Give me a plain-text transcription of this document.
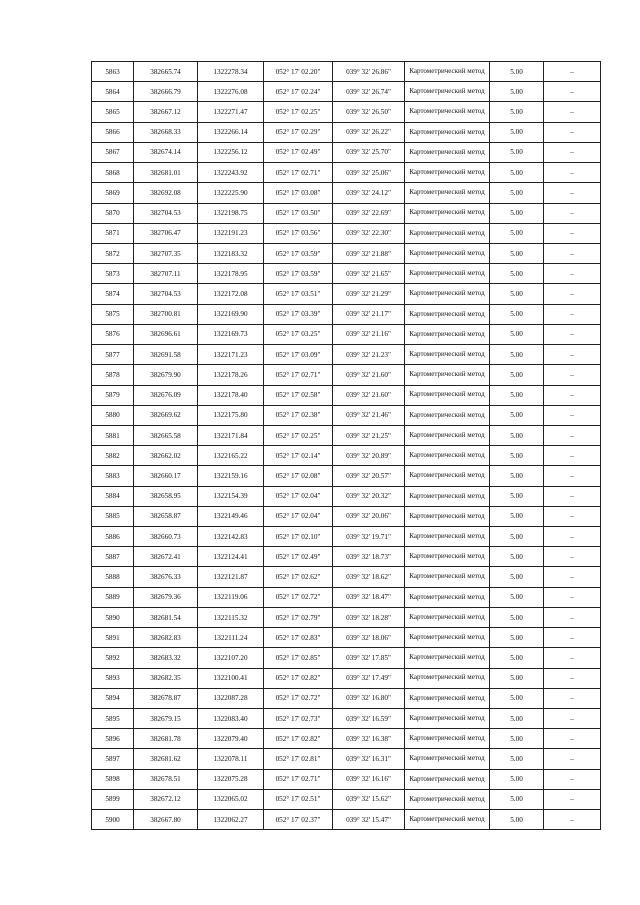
5863	382665.74	1322278.34	052° 17' 02.20"	039° 32' 26.86"	Картометрический метод	5.00	–
5864	382666.79	1322276.08	052° 17' 02.24"	039° 32' 26.74"	Картометрический метод	5.00	–
5865	382667.12	1322271.47	052° 17' 02.25"	039° 32' 26.50"	Картометрический метод	5.00	–
5866	382668.33	1322266.14	052° 17' 02.29"	039° 32' 26.22"	Картометрический метод	5.00	–
5867	382674.14	1322256.12	052° 17' 02.49"	039° 32' 25.70"	Картометрический метод	5.00	–
5868	382681.01	1322243.92	052° 17' 02.71"	039° 32' 25.06"	Картометрический метод	5.00	–
5869	382692.08	1322225.90	052° 17' 03.08"	039° 32' 24.12"	Картометрический метод	5.00	–
5870	382704.53	1322198.75	052° 17' 03.50"	039° 32' 22.69"	Картометрический метод	5.00	–
5871	382706.47	1322191.23	052° 17' 03.56"	039° 32' 22.30"	Картометрический метод	5.00	–
5872	382707.35	1322183.32	052° 17' 03.59"	039° 32' 21.88"	Картометрический метод	5.00	–
5873	382707.11	1322178.95	052° 17' 03.59"	039° 32' 21.65"	Картометрический метод	5.00	–
5874	382704.53	1322172.08	052° 17' 03.51"	039° 32' 21.29"	Картометрический метод	5.00	–
5875	382700.81	1322169.90	052° 17' 03.39"	039° 32' 21.17"	Картометрический метод	5.00	–
5876	382696.61	1322169.73	052° 17' 03.25"	039° 32' 21.16"	Картометрический метод	5.00	–
5877	382691.58	1322171.23	052° 17' 03.09"	039° 32' 21.23"	Картометрический метод	5.00	–
5878	382679.90	1322178.26	052° 17' 02.71"	039° 32' 21.60"	Картометрический метод	5.00	–
5879	382676.09	1322178.40	052° 17' 02.58"	039° 32' 21.60"	Картометрический метод	5.00	–
5880	382669.62	1322175.80	052° 17' 02.38"	039° 32' 21.46"	Картометрический метод	5.00	–
5881	382665.58	1322171.84	052° 17' 02.25"	039° 32' 21.25"	Картометрический метод	5.00	–
5882	382662.02	1322165.22	052° 17' 02.14"	039° 32' 20.89"	Картометрический метод	5.00	–
5883	382660.17	1322159.16	052° 17' 02.08"	039° 32' 20.57"	Картометрический метод	5.00	–
5884	382658.95	1322154.39	052° 17' 02.04"	039° 32' 20.32"	Картометрический метод	5.00	–
5885	382658.87	1322149.46	052° 17' 02.04"	039° 32' 20.06"	Картометрический метод	5.00	–
5886	382660.73	1322142.83	052° 17' 02.10"	039° 32' 19.71"	Картометрический метод	5.00	–
5887	382672.41	1322124.41	052° 17' 02.49"	039° 32' 18.73"	Картометрический метод	5.00	–
5888	382676.33	1322121.87	052° 17' 02.62"	039° 32' 18.62"	Картометрический метод	5.00	–
5889	382679.36	1322119.06	052° 17' 02.72"	039° 32' 18.47"	Картометрический метод	5.00	–
5890	382681.54	1322115.32	052° 17' 02.79"	039° 32' 18.28"	Картометрический метод	5.00	–
5891	382682.83	1322111.24	052° 17' 02.83"	039° 32' 18.06"	Картометрический метод	5.00	–
5892	382683.32	1322107.20	052° 17' 02.85"	039° 32' 17.85"	Картометрический метод	5.00	–
5893	382682.35	1322100.41	052° 17' 02.82"	039° 32' 17.49"	Картометрический метод	5.00	–
5894	382678.87	1322087.28	052° 17' 02.72"	039° 32' 16.80"	Картометрический метод	5.00	–
5895	382679.15	1322083.40	052° 17' 02.73"	039° 32' 16.59"	Картометрический метод	5.00	–
5896	382681.78	1322079.40	052° 17' 02.82"	039° 32' 16.38"	Картометрический метод	5.00	–
5897	382681.62	1322078.11	052° 17' 02.81"	039° 32' 16.31"	Картометрический метод	5.00	–
5898	382678.51	1322075.28	052° 17' 02.71"	039° 32' 16.16"	Картометрический метод	5.00	–
5899	382672.12	1322065.02	052° 17' 02.51"	039° 32' 15.62"	Картометрический метод	5.00	–
5900	382667.80	1322062.27	052° 17' 02.37"	039° 32' 15.47"	Картометрический метод	5.00	–
